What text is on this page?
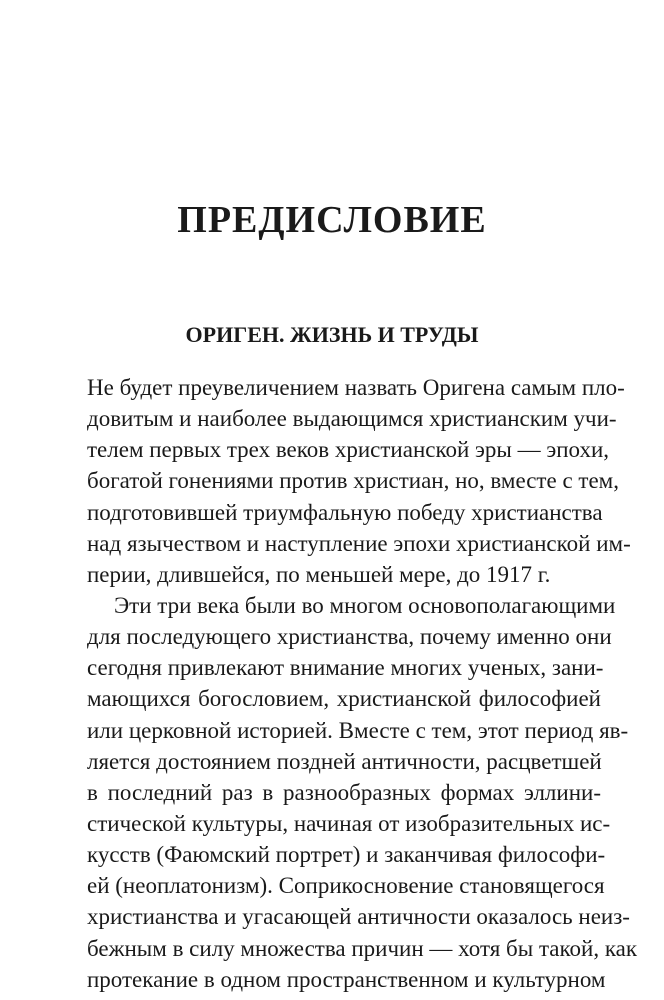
ПРЕДИСЛОВИЕ
ОРИГЕН. ЖИЗНЬ И ТРУДЫ
Не будет преувеличением назвать Оригена самым пло-
довитым и наиболее выдающимся христианским учи-
телем первых трех веков христианской эры — эпохи,
богатой гонениями против христиан, но, вместе с тем,
подготовившей триумфальную победу христианства
над язычеством и наступление эпохи христианской им-
перии, длившейся, по меньшей мере, до 1917 г.
Эти три века были во многом основополагающими
для последующего христианства, почему именно они
сегодня привлекают внимание многих ученых, зани-
мающихся богословием, христианской философией
или церковной историей. Вместе с тем, этот период яв-
ляется достоянием поздней античности, расцветшей
в последний раз в разнообразных формах эллини-
стической культуры, начиная от изобразительных ис-
кусств (Фаюмский портрет) и заканчивая философи-
ей (неоплатонизм). Соприкосновение становящегося
христианства и угасающей античности оказалось неиз-
бежным в силу множества причин — хотя бы такой, как
протекание в одном пространственном и культурном
